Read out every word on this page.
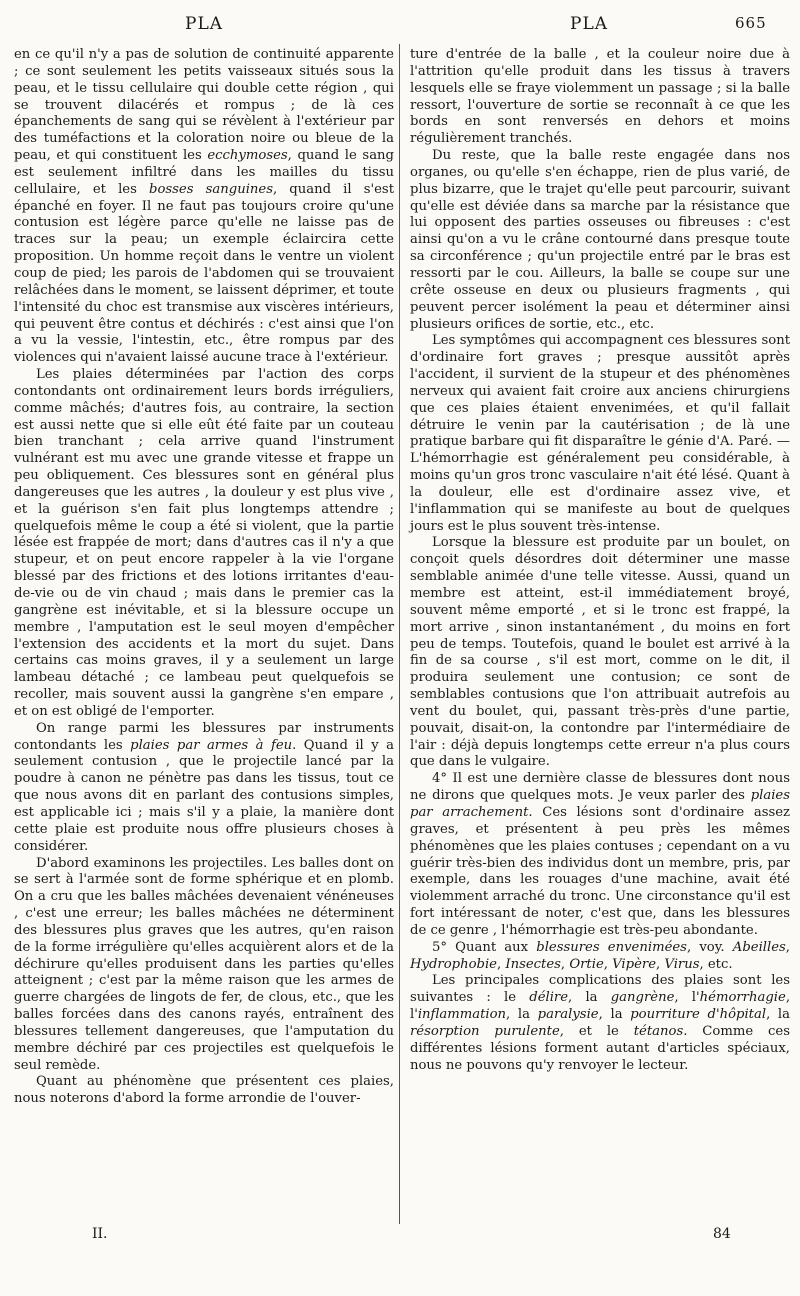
PLA	PLA	665

en ce qu'il n'y a pas de solution de continuité apparente ; ce sont seulement les petits vaisseaux situés sous la peau, et le tissu cellulaire qui double cette région , qui se trouvent dilacérés et rompus ; de là ces épanchements de sang qui se révèlent à l'extérieur par des tuméfactions et la coloration noire ou bleue de la peau, et qui constituent les ecchymoses, quand le sang est seulement infiltré dans les mailles du tissu cellulaire, et les bosses sanguines, quand il s'est épanché en foyer. Il ne faut pas toujours croire qu'une contusion est légère parce qu'elle ne laisse pas de traces sur la peau; un exemple éclaircira cette proposition. Un homme reçoit dans le ventre un violent coup de pied; les parois de l'abdomen qui se trouvaient relâchées dans le moment, se laissent déprimer, et toute l'intensité du choc est transmise aux viscères intérieurs, qui peuvent être contus et déchirés : c'est ainsi que l'on a vu la vessie, l'intestin, etc., être rompus par des violences qui n'avaient laissé aucune trace à l'extérieur.

Les plaies déterminées par l'action des corps contondants ont ordinairement leurs bords irréguliers, comme mâchés; d'autres fois, au contraire, la section est aussi nette que si elle eût été faite par un couteau bien tranchant ; cela arrive quand l'instrument vulnérant est mu avec une grande vitesse et frappe un peu obliquement. Ces blessures sont en général plus dangereuses que les autres , la douleur y est plus vive , et la guérison s'en fait plus longtemps attendre ; quelquefois même le coup a été si violent, que la partie lésée est frappée de mort; dans d'autres cas il n'y a que stupeur, et on peut encore rappeler à la vie l'organe blessé par des frictions et des lotions irritantes d'eau-de-vie ou de vin chaud ; mais dans le premier cas la gangrène est inévitable, et si la blessure occupe un membre , l'amputation est le seul moyen d'empêcher l'extension des accidents et la mort du sujet. Dans certains cas moins graves, il y a seulement un large lambeau détaché ; ce lambeau peut quelquefois se recoller, mais souvent aussi la gangrène s'en empare , et on est obligé de l'emporter.

On range parmi les blessures par instruments contondants les plaies par armes à feu. Quand il y a seulement contusion , que le projectile lancé par la poudre à canon ne pénètre pas dans les tissus, tout ce que nous avons dit en parlant des contusions simples, est applicable ici ; mais s'il y a plaie, la manière dont cette plaie est produite nous offre plusieurs choses à considérer.

D'abord examinons les projectiles. Les balles dont on se sert à l'armée sont de forme sphérique et en plomb. On a cru que les balles mâchées devenaient vénéneuses , c'est une erreur; les balles mâchées ne déterminent des blessures plus graves que les autres, qu'en raison de la forme irrégulière qu'elles acquièrent alors et de la déchirure qu'elles produisent dans les parties qu'elles atteignent ; c'est par la même raison que les armes de guerre chargées de lingots de fer, de clous, etc., que les balles forcées dans des canons rayés, entraînent des blessures tellement dangereuses, que l'amputation du membre déchiré par ces projectiles est quelquefois le seul remède.

Quant au phénomène que présentent ces plaies, nous noterons d'abord la forme arrondie de l'ouver-

ture d'entrée de la balle , et la couleur noire due à l'attrition qu'elle produit dans les tissus à travers lesquels elle se fraye violemment un passage ; si la balle ressort, l'ouverture de sortie se reconnaît à ce que les bords en sont renversés en dehors et moins régulièrement tranchés.

Du reste, que la balle reste engagée dans nos organes, ou qu'elle s'en échappe, rien de plus varié, de plus bizarre, que le trajet qu'elle peut parcourir, suivant qu'elle est déviée dans sa marche par la résistance que lui opposent des parties osseuses ou fibreuses : c'est ainsi qu'on a vu le crâne contourné dans presque toute sa circonférence ; qu'un projectile entré par le bras est ressorti par le cou. Ailleurs, la balle se coupe sur une crête osseuse en deux ou plusieurs fragments , qui peuvent percer isolément la peau et déterminer ainsi plusieurs orifices de sortie, etc., etc.

Les symptômes qui accompagnent ces blessures sont d'ordinaire fort graves ; presque aussitôt après l'accident, il survient de la stupeur et des phénomènes nerveux qui avaient fait croire aux anciens chirurgiens que ces plaies étaient envenimées, et qu'il fallait détruire le venin par la cautérisation ; de là une pratique barbare qui fit disparaître le génie d'A. Paré. — L'hémorrhagie est généralement peu considérable, à moins qu'un gros tronc vasculaire n'ait été lésé. Quant à la douleur, elle est d'ordinaire assez vive, et l'inflammation qui se manifeste au bout de quelques jours est le plus souvent très-intense.

Lorsque la blessure est produite par un boulet, on conçoit quels désordres doit déterminer une masse semblable animée d'une telle vitesse. Aussi, quand un membre est atteint, est-il immédiatement broyé, souvent même emporté , et si le tronc est frappé, la mort arrive , sinon instantanément , du moins en fort peu de temps. Toutefois, quand le boulet est arrivé à la fin de sa course , s'il est mort, comme on le dit, il produira seulement une contusion; ce sont de semblables contusions que l'on attribuait autrefois au vent du boulet, qui, passant très-près d'une partie, pouvait, disait-on, la contondre par l'intermédiaire de l'air : déjà depuis longtemps cette erreur n'a plus cours que dans le vulgaire.

4° Il est une dernière classe de blessures dont nous ne dirons que quelques mots. Je veux parler des plaies par arrachement. Ces lésions sont d'ordinaire assez graves, et présentent à peu près les mêmes phénomènes que les plaies contuses ; cependant on a vu guérir très-bien des individus dont un membre, pris, par exemple, dans les rouages d'une machine, avait été violemment arraché du tronc. Une circonstance qu'il est fort intéressant de noter, c'est que, dans les blessures de ce genre , l'hémorrhagie est très-peu abondante.

5° Quant aux blessures envenimées, voy. Abeilles, Hydrophobie, Insectes, Ortie, Vipère, Virus, etc.

Les principales complications des plaies sont les suivantes : le délire, la gangrène, l'hémorrhagie, l'inflammation, la paralysie, la pourriture d'hôpital, la résorption purulente, et le tétanos. Comme ces différentes lésions forment autant d'articles spéciaux, nous ne pouvons qu'y renvoyer le lecteur.

II.	84
